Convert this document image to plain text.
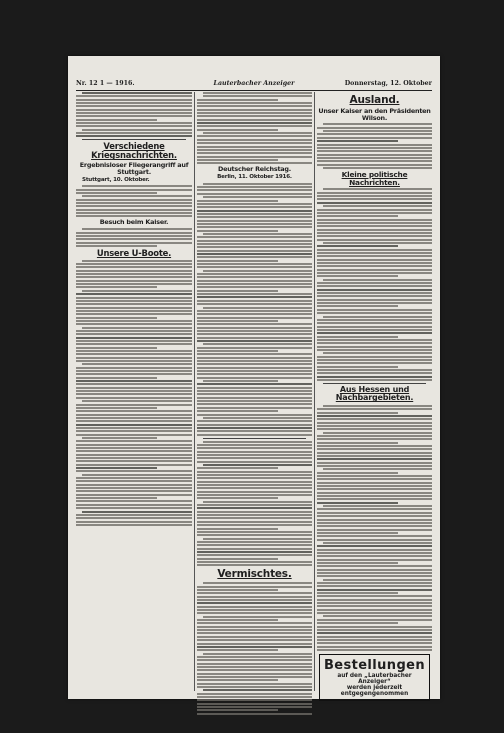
Nr. 12 1 — 1916.	Lauterbacher Anzeiger	Donnerstag, 12. Oktober
Verschiedene Kriegsnachrichten.
Ergebnisloser Fliegerangriff auf Stuttgart.
Stuttgart, 10. Oktober.
Besuch beim Kaiser.
Unsere U-Boote.
Deutscher Reichstag.
Berlin, 11. Oktober 1916.
Vermischtes.
Ausland.
Unser Kaiser an den Präsidenten Wilson.
Kleine politische Nachrichten.
Aus Hessen und Nachbargebieten.
Bestellungen
auf den „Lauterbacher Anzeiger“
werden jederzeit entgegengenommen
